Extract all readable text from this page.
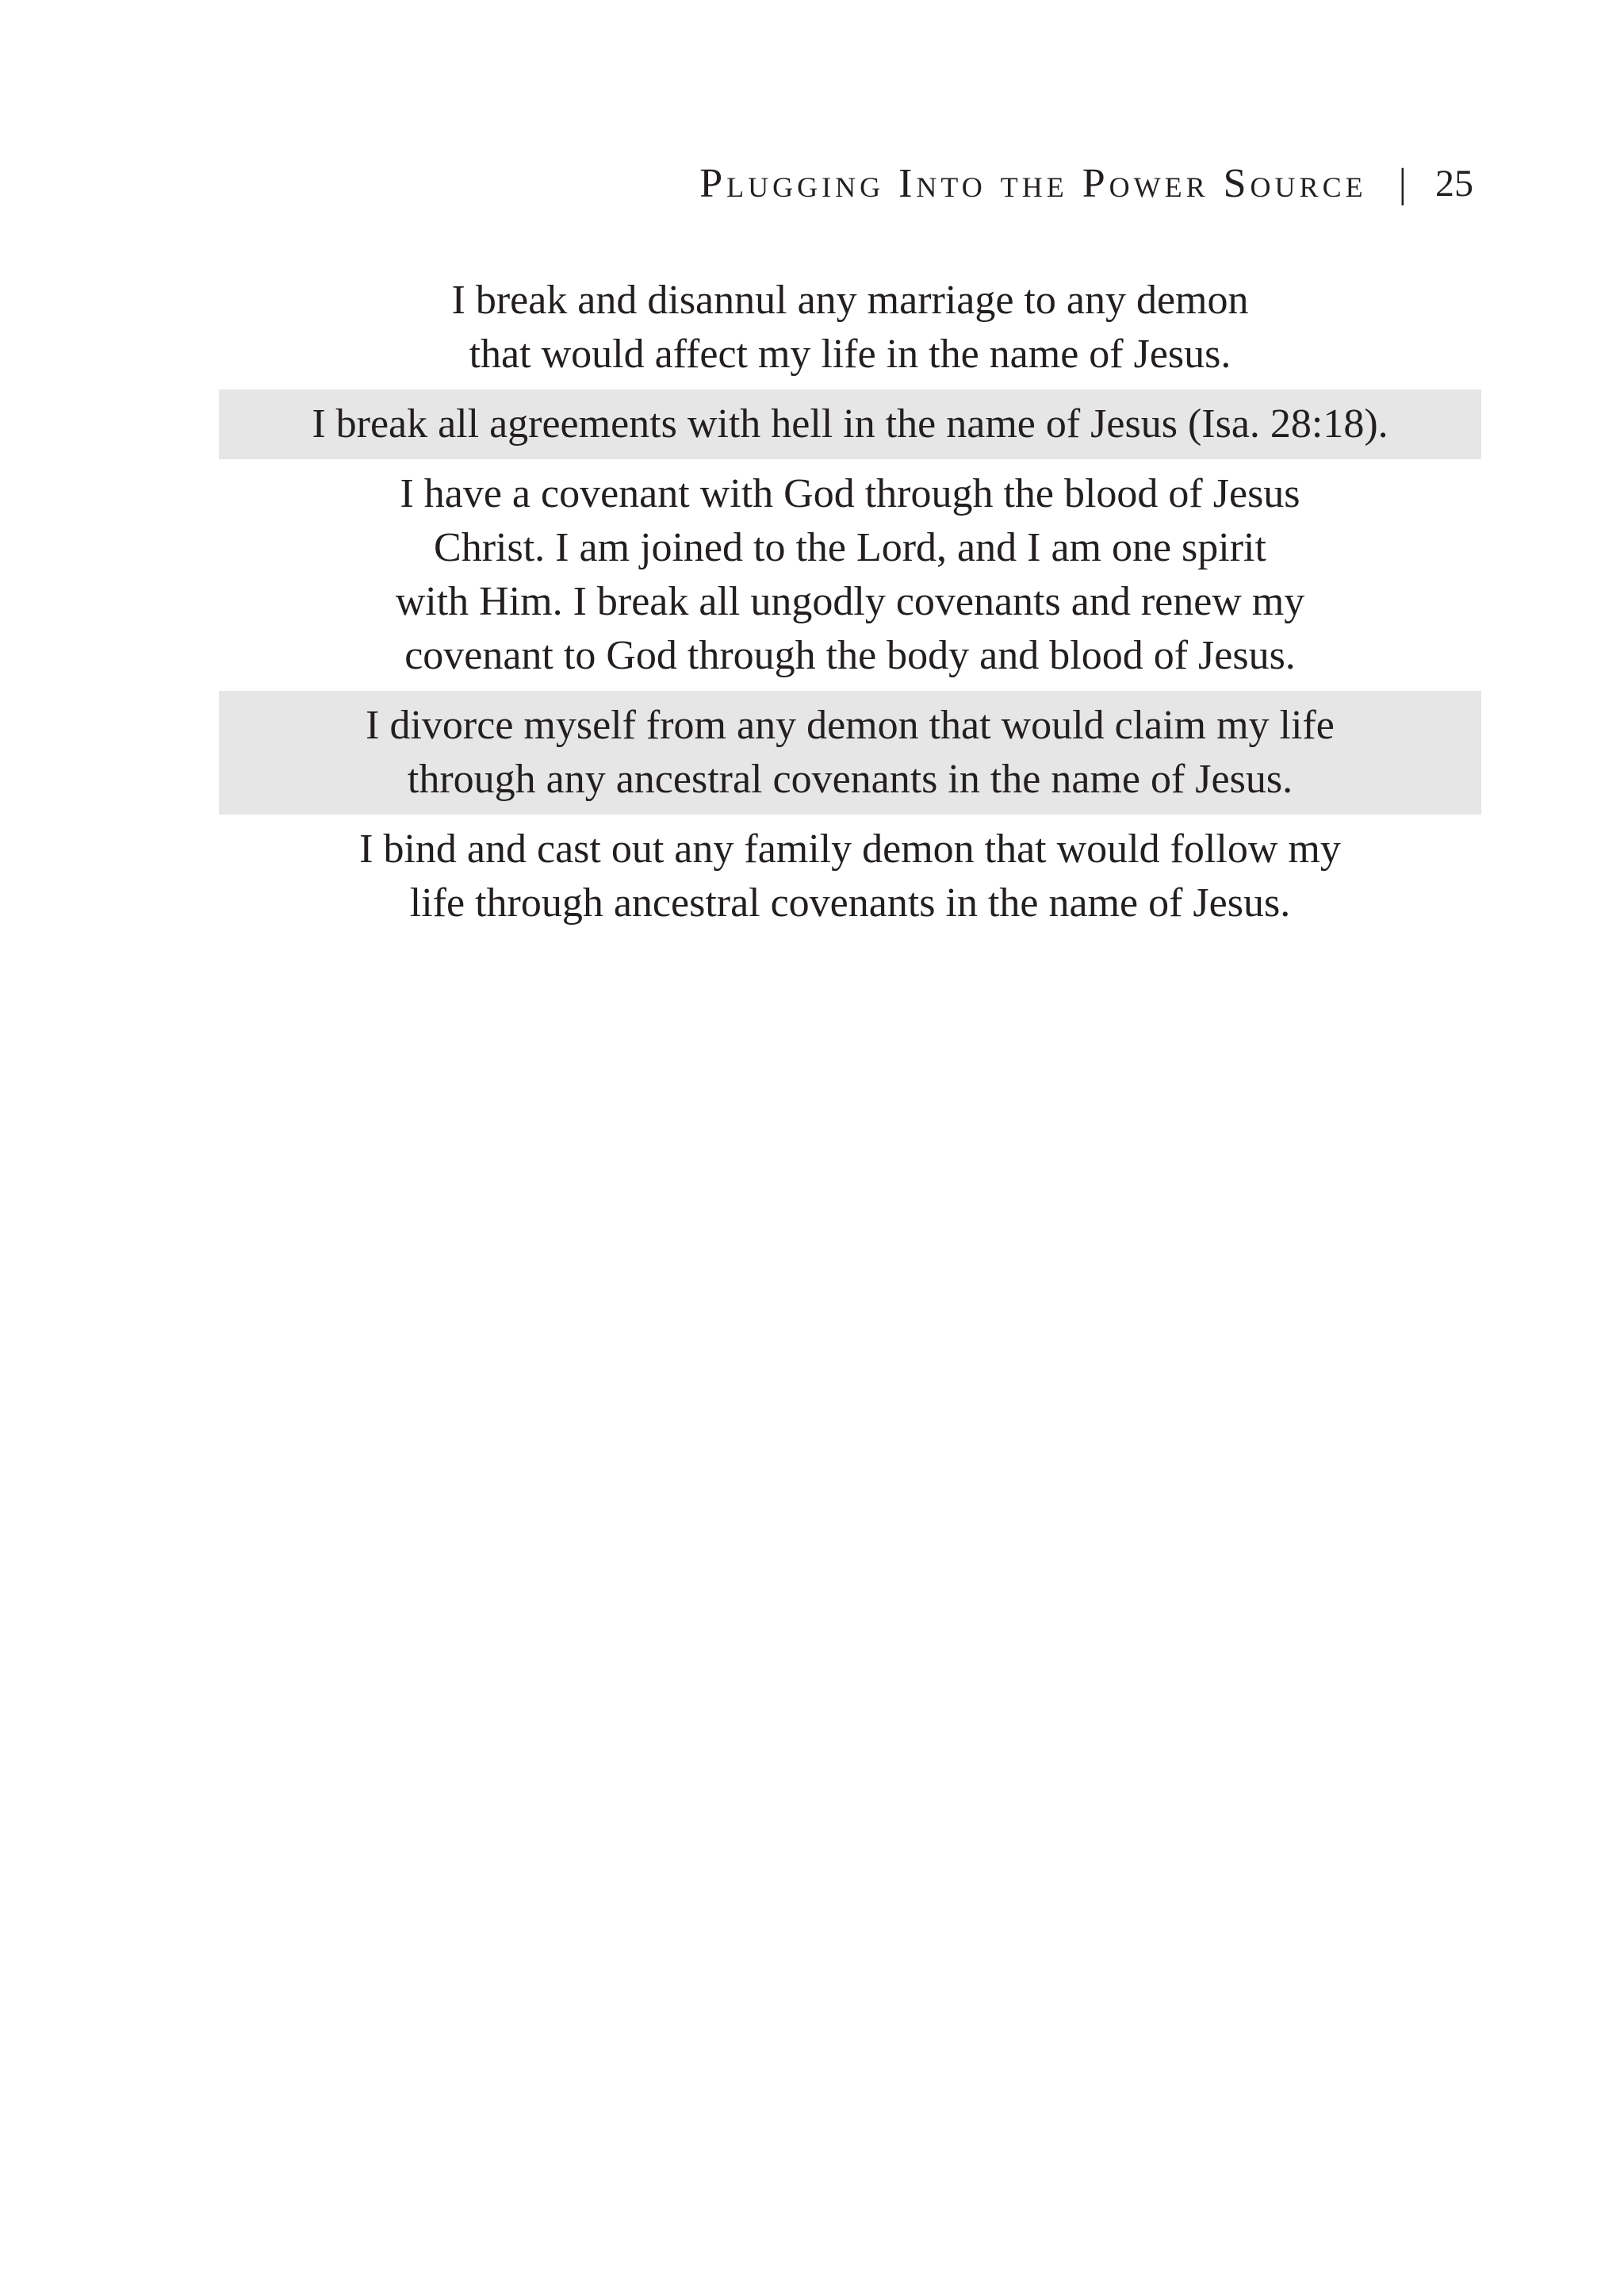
Plugging Into the Power Source | 25
I break and disannul any marriage to any demon
that would affect my life in the name of Jesus.
I break all agreements with hell in the name of Jesus (Isa. 28:18).
I have a covenant with God through the blood of Jesus
Christ. I am joined to the Lord, and I am one spirit
with Him. I break all ungodly covenants and renew my
covenant to God through the body and blood of Jesus.
I divorce myself from any demon that would claim my life
through any ancestral covenants in the name of Jesus.
I bind and cast out any family demon that would follow my
life through ancestral covenants in the name of Jesus.
